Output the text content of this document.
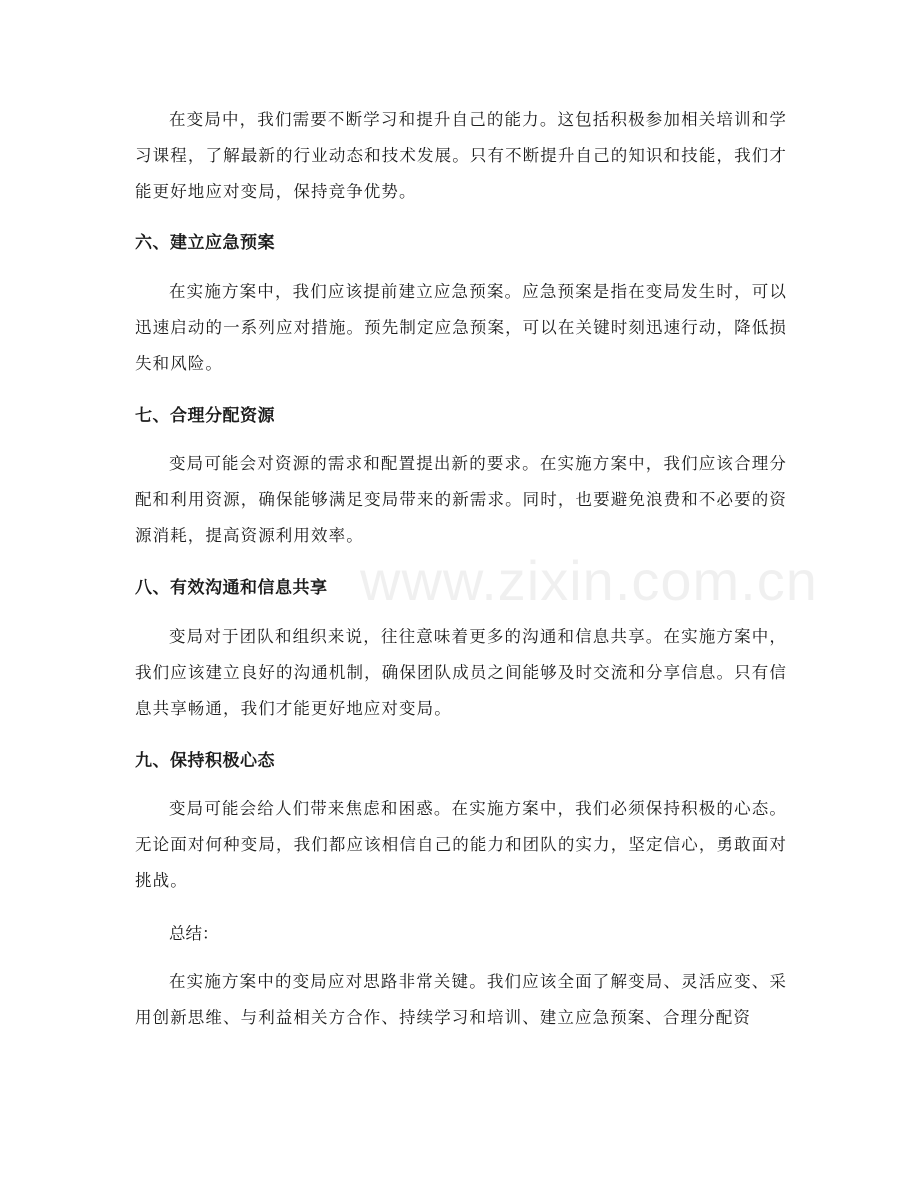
在变局中，我们需要不断学习和提升自己的能力。这包括积极参加相关培训和学习课程，了解最新的行业动态和技术发展。只有不断提升自己的知识和技能，我们才能更好地应对变局，保持竞争优势。

六、建立应急预案

在实施方案中，我们应该提前建立应急预案。应急预案是指在变局发生时，可以迅速启动的一系列应对措施。预先制定应急预案，可以在关键时刻迅速行动，降低损失和风险。

七、合理分配资源

变局可能会对资源的需求和配置提出新的要求。在实施方案中，我们应该合理分配和利用资源，确保能够满足变局带来的新需求。同时，也要避免浪费和不必要的资源消耗，提高资源利用效率。

八、有效沟通和信息共享

变局对于团队和组织来说，往往意味着更多的沟通和信息共享。在实施方案中，我们应该建立良好的沟通机制，确保团队成员之间能够及时交流和分享信息。只有信息共享畅通，我们才能更好地应对变局。

九、保持积极心态

变局可能会给人们带来焦虑和困惑。在实施方案中，我们必须保持积极的心态。无论面对何种变局，我们都应该相信自己的能力和团队的实力，坚定信心，勇敢面对挑战。

总结：

在实施方案中的变局应对思路非常关键。我们应该全面了解变局、灵活应变、采用创新思维、与利益相关方合作、持续学习和培训、建立应急预案、合理分配资

www.zixin.com.cn
